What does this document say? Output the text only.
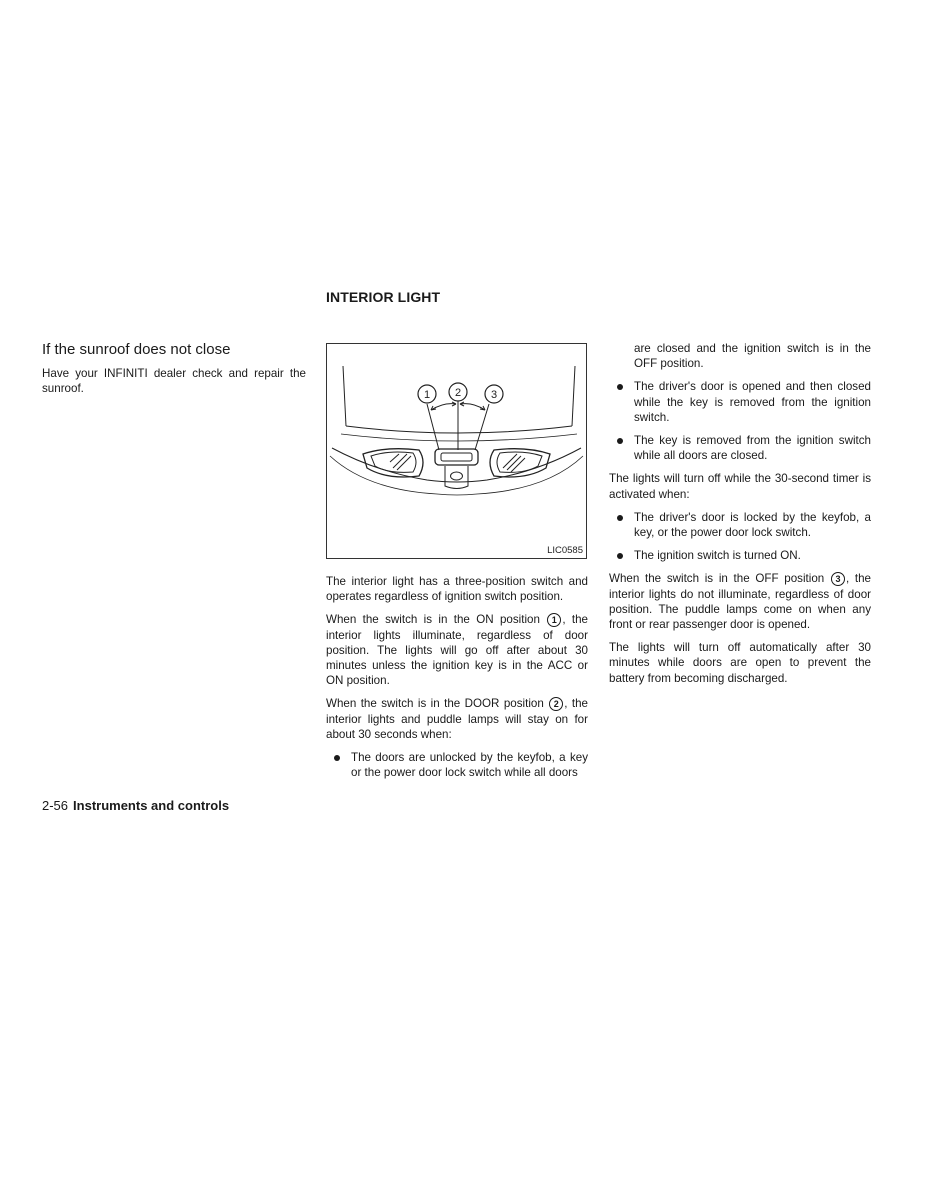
INTERIOR LIGHT
If the sunroof does not close

Have your INFINITI dealer check and repair the sunroof.	1 2	3
LIC0585

The interior light has a three-position switch and operates regardless of ignition switch position.

When the switch is in the ON position 1 , the interior lights illuminate, regardless of door position. The lights will go off after about 30 minutes unless the ignition key is in the ACC or ON position.

When the switch is in the DOOR position 2 , the interior lights and puddle lamps will stay on for about 30 seconds when:

The doors are unlocked by the keyfob, a key or the power door lock switch while all doors
are closed and the ignition switch is in the OFF position.
The driver's door is opened and then closed while the key is removed from the ignition switch.
The key is removed from the ignition switch while all doors are closed.

The lights will turn off while the 30-second timer is activated when:

The driver's door is locked by the keyfob, a key, or the power door lock switch.
The ignition switch is turned ON.

When the switch is in the OFF position 3 , the interior lights do not illuminate, regardless of door position. The puddle lamps come on when any front or rear passenger door is opened.

The lights will turn off automatically after 30 minutes while doors are open to prevent the battery from becoming discharged.

2-56 Instruments and controls
